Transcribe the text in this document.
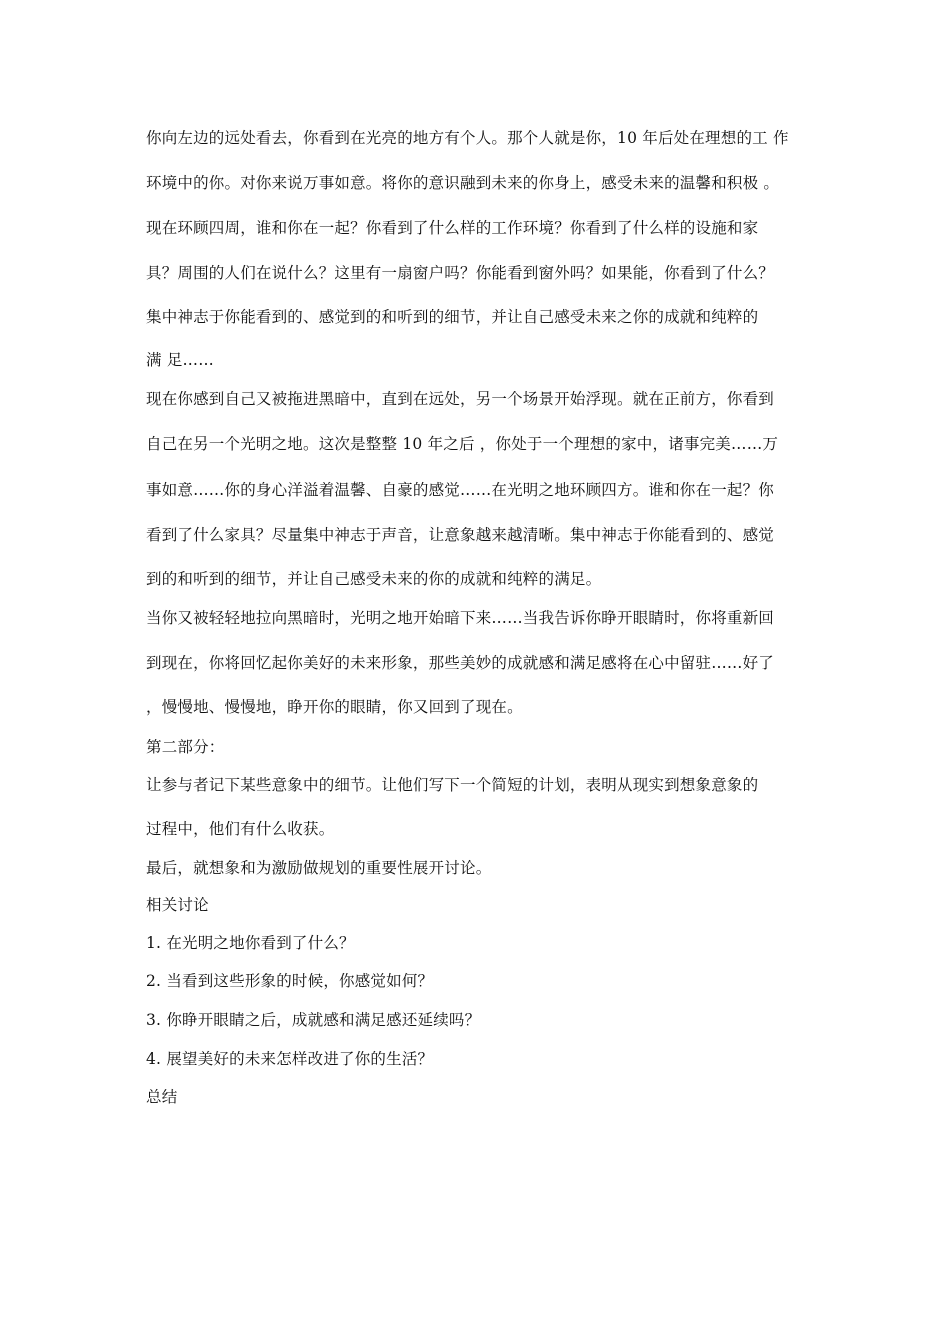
你向左边的远处看去，你看到在光亮的地方有个人。那个人就是你，10 年后处在理想的工 作
环境中的你。对你来说万事如意。将你的意识融到未来的你身上，感受未来的温馨和积极 。
现在环顾四周，谁和你在一起？你看到了什么样的工作环境？你看到了什么样的设施和家
具？周围的人们在说什么？这里有一扇窗户吗？你能看到窗外吗？如果能，你看到了什么？
集中神志于你能看到的、感觉到的和听到的细节，并让自己感受未来之你的成就和纯粹的
满 足……
现在你感到自己又被拖进黑暗中，直到在远处，另一个场景开始浮现。就在正前方，你看到
自己在另一个光明之地。这次是整整 10 年之后 ，你处于一个理想的家中，诸事完美……万
事如意……你的身心洋溢着温馨、自豪的感觉……在光明之地环顾四方。谁和你在一起？你
看到了什么家具？尽量集中神志于声音，让意象越来越清晰。集中神志于你能看到的、感觉
到的和听到的细节，并让自己感受未来的你的成就和纯粹的满足。
当你又被轻轻地拉向黑暗时，光明之地开始暗下来……当我告诉你睁开眼睛时，你将重新回
到现在，你将回忆起你美好的未来形象，那些美妙的成就感和满足感将在心中留驻……好了
，慢慢地、慢慢地，睁开你的眼睛，你又回到了现在。
第二部分：
让参与者记下某些意象中的细节。让他们写下一个简短的计划，表明从现实到想象意象的
过程中，他们有什么收获。
最后，就想象和为激励做规划的重要性展开讨论。
相关讨论
1. 在光明之地你看到了什么？
2. 当看到这些形象的时候，你感觉如何？
3. 你睁开眼睛之后，成就感和满足感还延续吗？
4. 展望美好的未来怎样改进了你的生活？
总结
